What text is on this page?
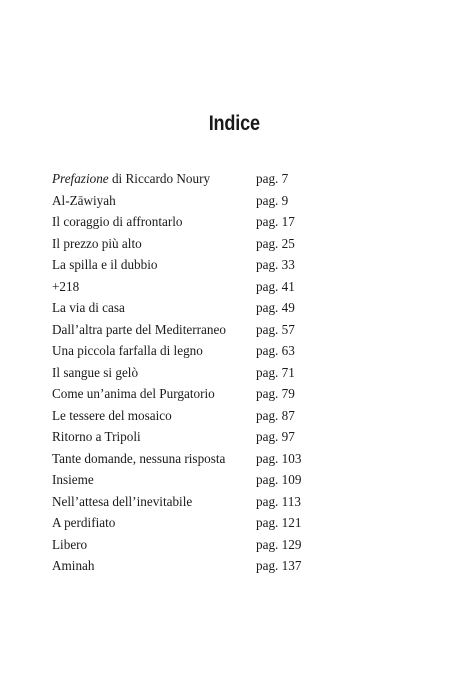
Indice
Prefazione di Riccardo Noury	pag. 7
Al-Zāwiyah	pag. 9
Il coraggio di affrontarlo	pag. 17
Il prezzo più alto	pag. 25
La spilla e il dubbio	pag. 33
+218	pag. 41
La via di casa	pag. 49
Dall’altra parte del Mediterraneo pag. 57
Una piccola farfalla di legno	pag. 63
Il sangue si gelò	pag. 71
Come un’anima del Purgatorio	pag. 79
Le tessere del mosaico	pag. 87
Ritorno a Tripoli	pag. 97
Tante domande, nessuna risposta pag. 103
Insieme	pag. 109
Nell’attesa dell’inevitabile	pag. 113
A perdifiato	pag. 121
Libero	pag. 129
Aminah	pag. 137
